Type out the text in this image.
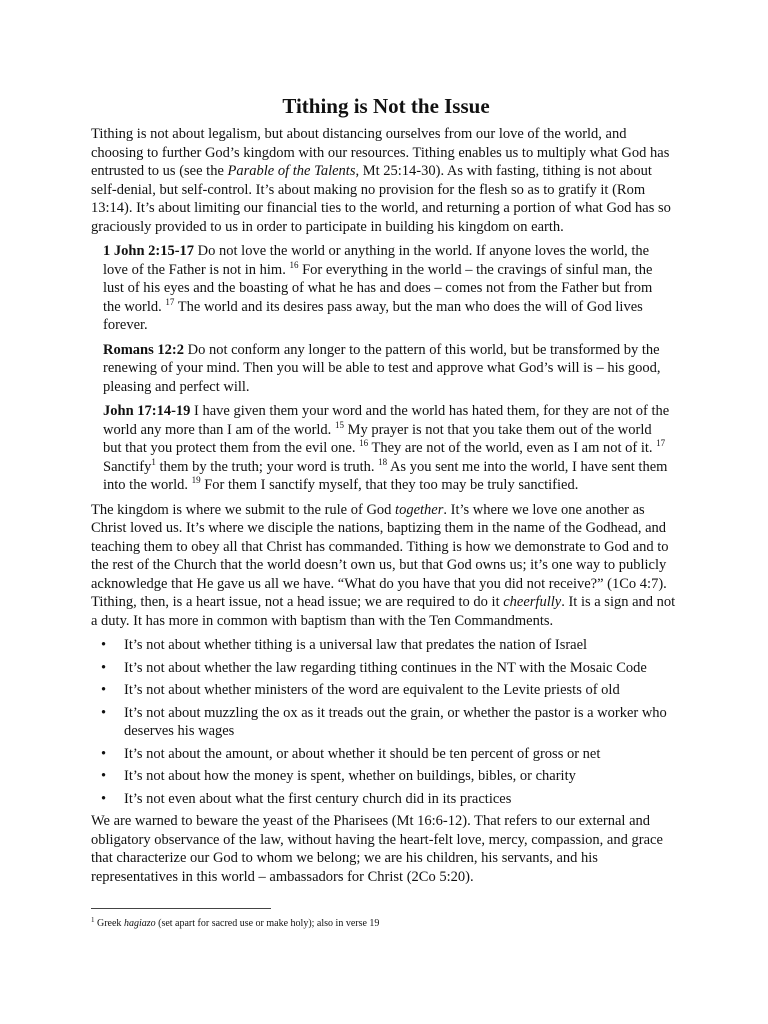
Tithing is Not the Issue

Tithing is not about legalism, but about distancing ourselves from our love of the world, and choosing to further God’s kingdom with our resources. Tithing enables us to multiply what God has entrusted to us (see the Parable of the Talents, Mt 25:14-30). As with fasting, tithing is not about self-denial, but self-control. It’s about making no provision for the flesh so as to gratify it (Rom 13:14). It’s about limiting our financial ties to the world, and returning a portion of what God has so graciously provided to us in order to participate in building his kingdom on earth.

1 John 2:15-17 Do not love the world or anything in the world. If anyone loves the world, the love of the Father is not in him. $^{16}$ For everything in the world – the cravings of sinful man, the lust of his eyes and the boasting of what he has and does – comes not from the Father but from the world. $^{17}$ The world and its desires pass away, but the man who does the will of God lives forever.

Romans 12:2 Do not conform any longer to the pattern of this world, but be transformed by the renewing of your mind. Then you will be able to test and approve what God’s will is – his good, pleasing and perfect will.

John 17:14-19 I have given them your word and the world has hated them, for they are not of the world any more than I am of the world. $^{15}$ My prayer is not that you take them out of the world but that you protect them from the evil one. $^{16}$ They are not of the world, even as I am not of it. $^{17}$ Sanctify$^1$ them by the truth; your word is truth. $^{18}$ As you sent me into the world, I have sent them into the world. $^{19}$ For them I sanctify myself, that they too may be truly sanctified.

The kingdom is where we submit to the rule of God together. It’s where we love one another as Christ loved us. It’s where we disciple the nations, baptizing them in the name of the Godhead, and teaching them to obey all that Christ has commanded. Tithing is how we demonstrate to God and to the rest of the Church that the world doesn’t own us, but that God owns us; it’s one way to publicly acknowledge that He gave us all we have. “What do you have that you did not receive?” (1Co 4:7). Tithing, then, is a heart issue, not a head issue; we are required to do it cheerfully. It is a sign and not a duty. It has more in common with baptism than with the Ten Commandments.

• It’s not about whether tithing is a universal law that predates the nation of Israel
• It’s not about whether the law regarding tithing continues in the NT with the Mosaic Code
• It’s not about whether ministers of the word are equivalent to the Levite priests of old
• It’s not about muzzling the ox as it treads out the grain, or whether the pastor is a worker who deserves his wages
• It’s not about the amount, or about whether it should be ten percent of gross or net
• It’s not about how the money is spent, whether on buildings, bibles, or charity
• It’s not even about what the first century church did in its practices

We are warned to beware the yeast of the Pharisees (Mt 16:6-12). That refers to our external and obligatory observance of the law, without having the heart-felt love, mercy, compassion, and grace that characterize our God to whom we belong; we are his children, his servants, and his representatives in this world – ambassadors for Christ (2Co 5:20).

$^1$ Greek hagiazo (set apart for sacred use or make holy); also in verse 19
